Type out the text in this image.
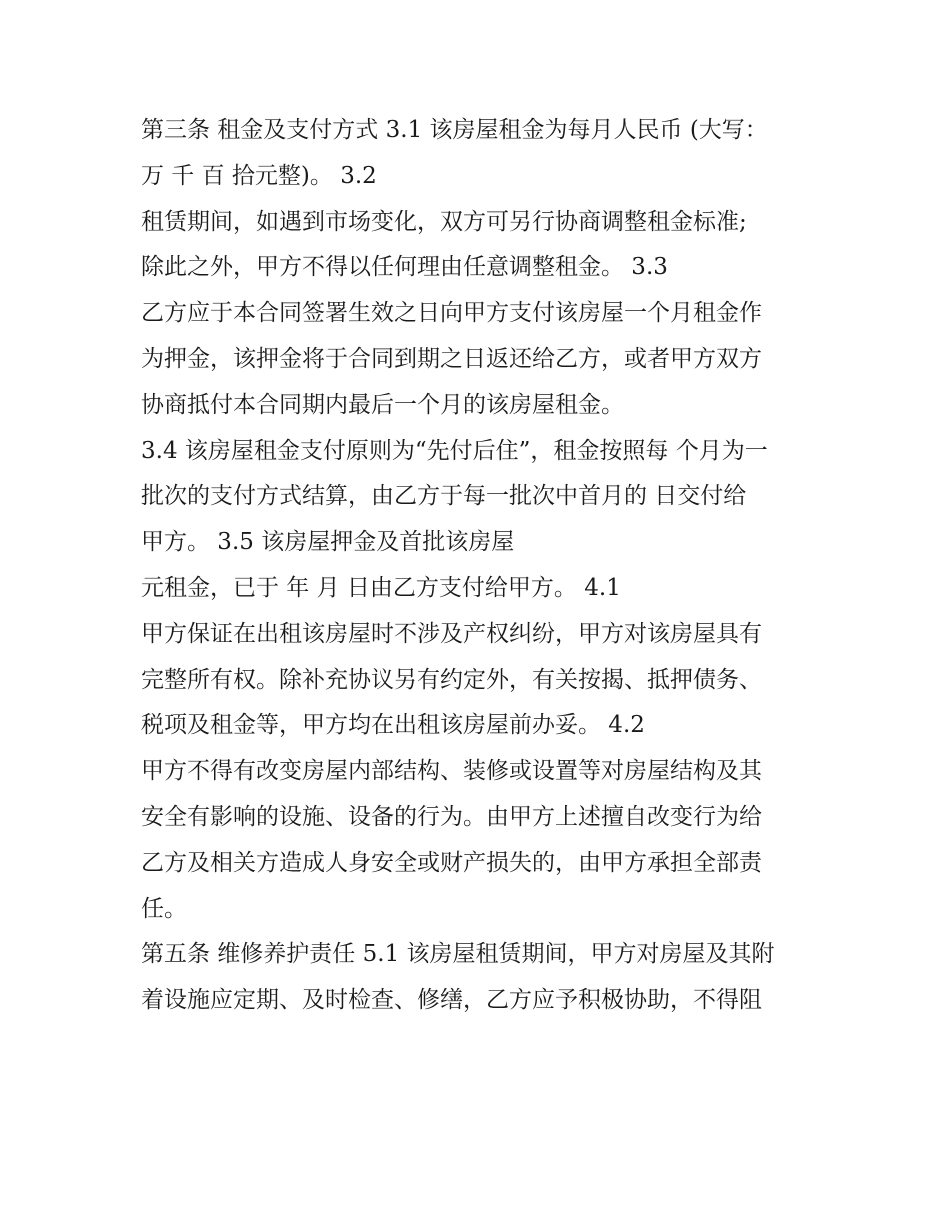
第三条 租金及支付方式 3.1 该房屋租金为每月人民币 (大写：
万 千 百 拾元整)。 3.2
租赁期间，如遇到市场变化，双方可另行协商调整租金标准;
除此之外，甲方不得以任何理由任意调整租金。 3.3
乙方应于本合同签署生效之日向甲方支付该房屋一个月租金作
为押金，该押金将于合同到期之日返还给乙方，或者甲方双方
协商抵付本合同期内最后一个月的该房屋租金。
3.4 该房屋租金支付原则为“先付后住”，租金按照每 个月为一
批次的支付方式结算，由乙方于每一批次中首月的 日交付给
甲方。 3.5 该房屋押金及首批该房屋
元租金，已于 年 月 日由乙方支付给甲方。 4.1
甲方保证在出租该房屋时不涉及产权纠纷，甲方对该房屋具有
完整所有权。除补充协议另有约定外，有关按揭、抵押债务、
税项及租金等，甲方均在出租该房屋前办妥。 4.2
甲方不得有改变房屋内部结构、装修或设置等对房屋结构及其
安全有影响的设施、设备的行为。由甲方上述擅自改变行为给
乙方及相关方造成人身安全或财产损失的，由甲方承担全部责
任。
第五条 维修养护责任 5.1 该房屋租赁期间，甲方对房屋及其附
着设施应定期、及时检查、修缮，乙方应予积极协助，不得阻
